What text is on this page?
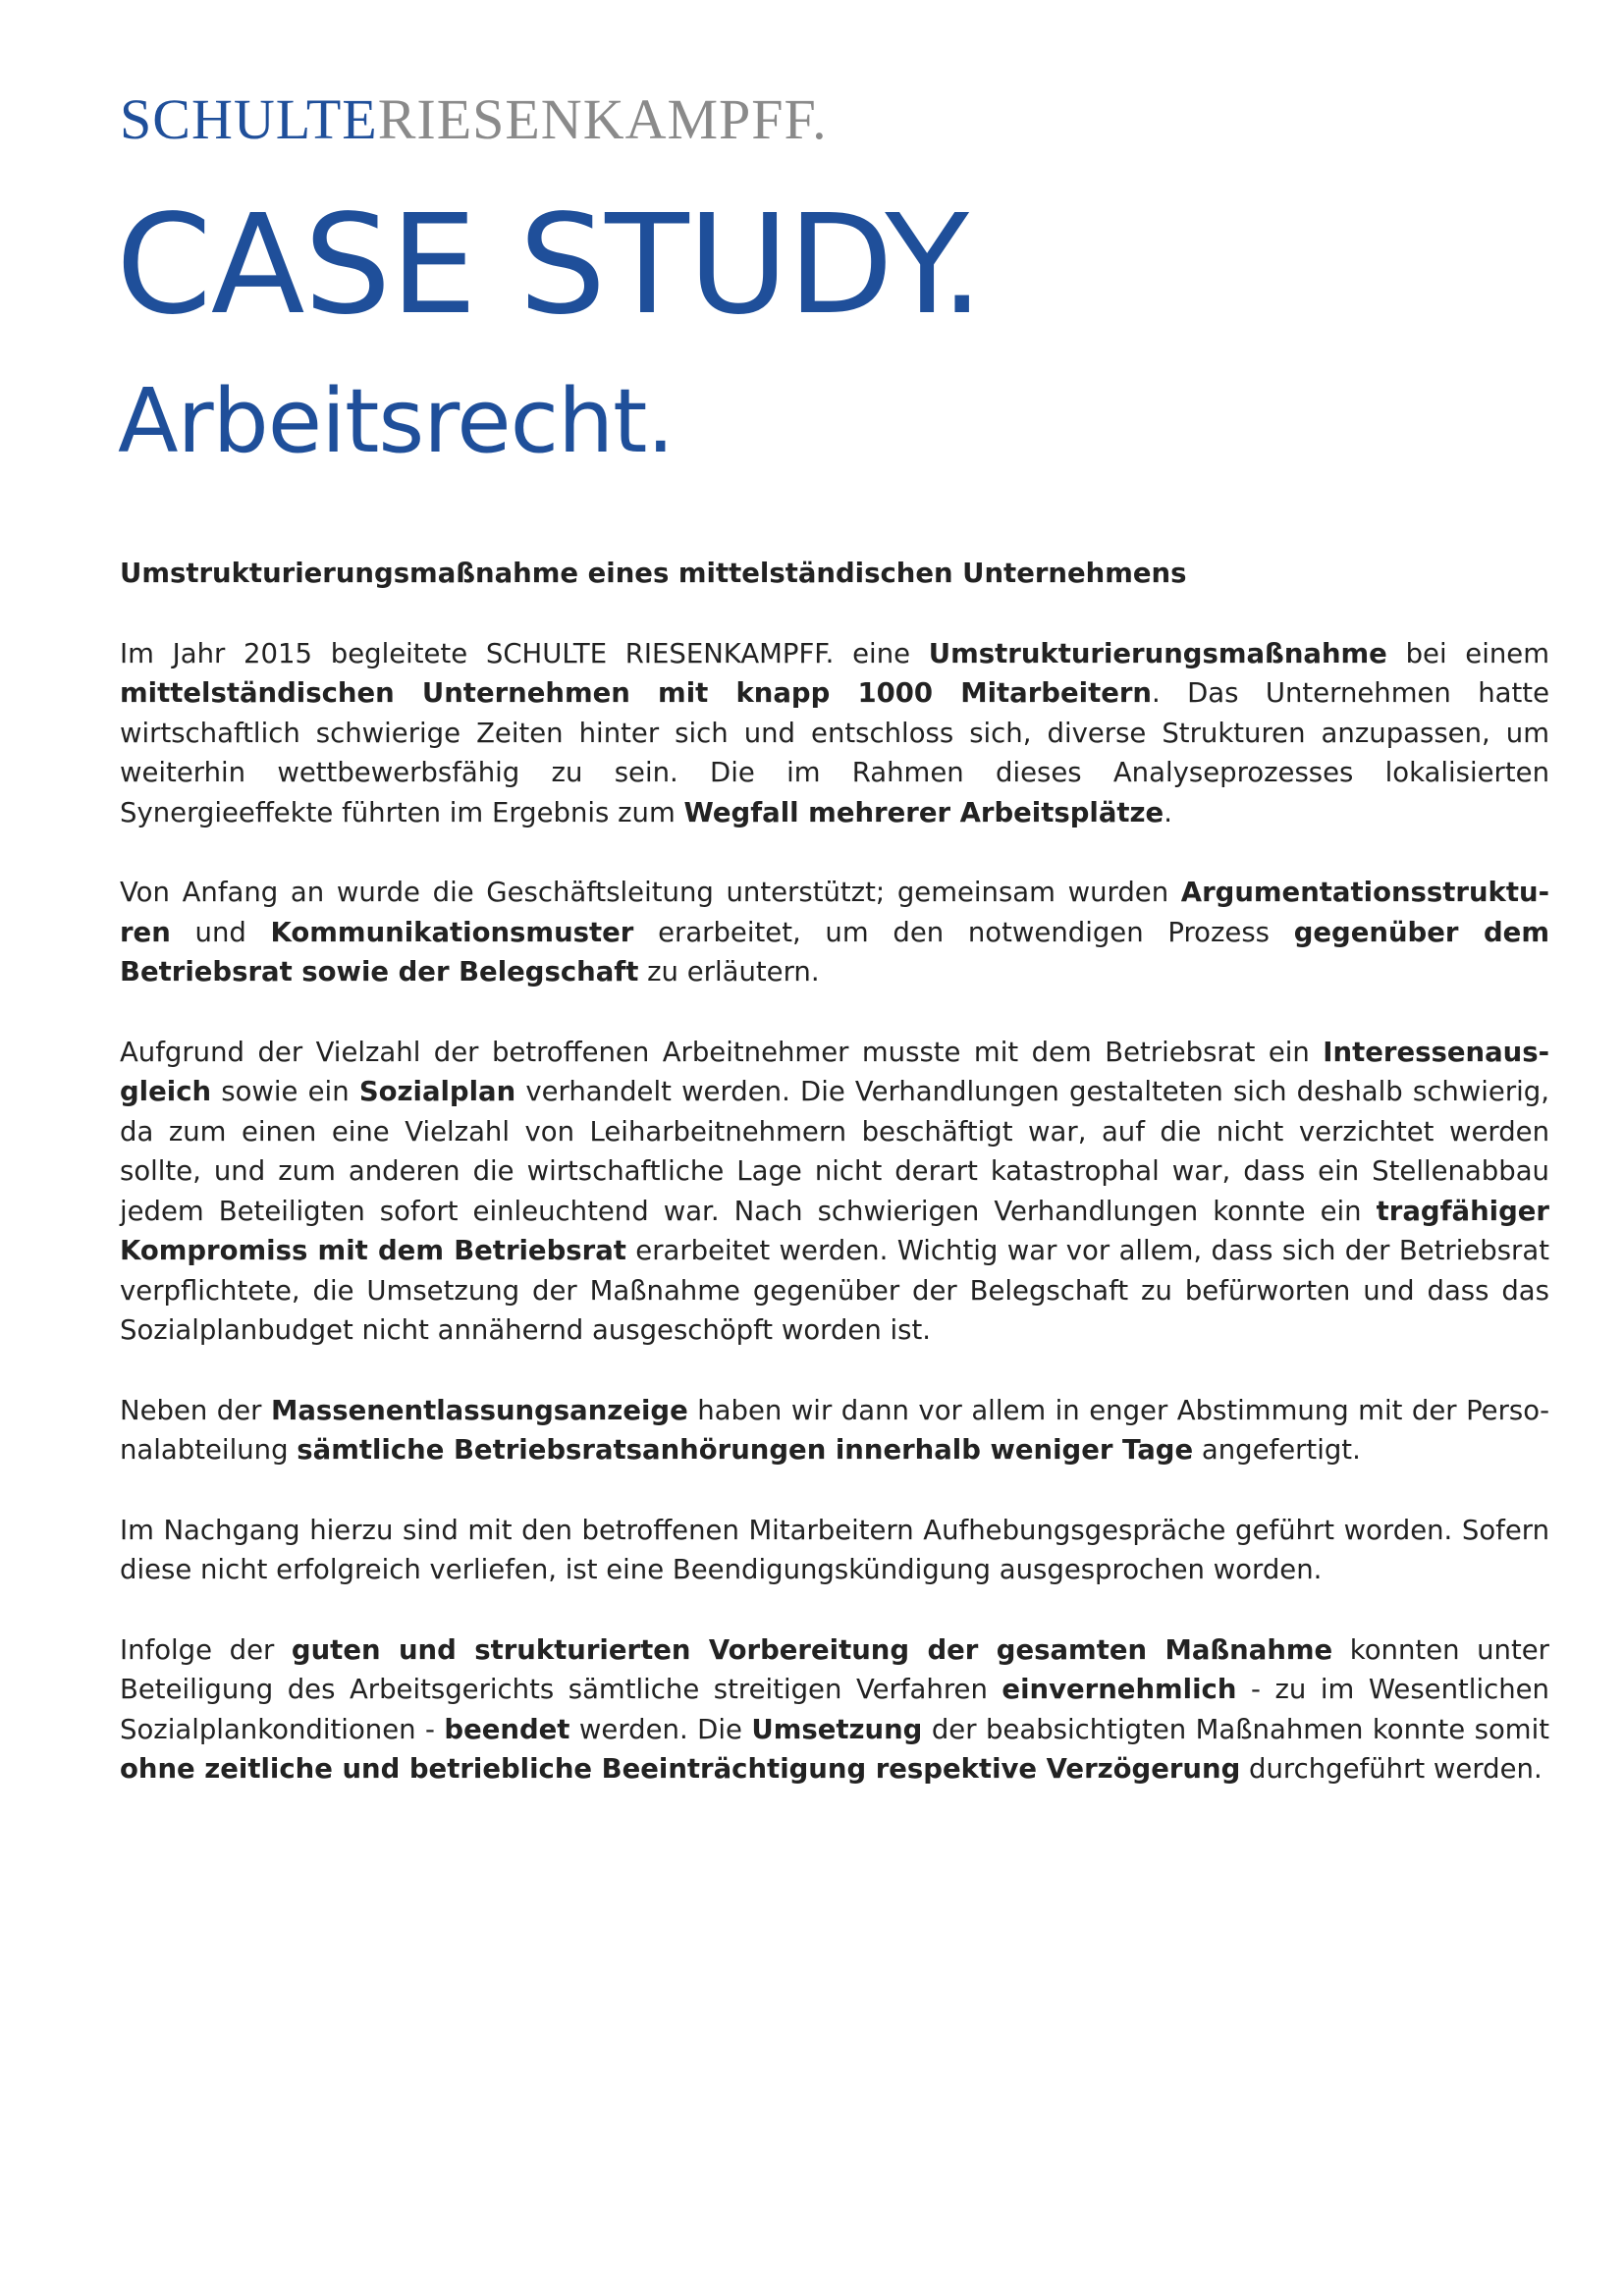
SCHULTERIESENKAMPFF.
CASE STUDY.
Arbeitsrecht.

Umstrukturierungsmaßnahme eines mittelständischen Unternehmens

Im Jahr 2015 begleitete SCHULTE RIESENKAMPFF. eine Umstrukturierungsmaßnahme bei einem mittelständischen Unternehmen mit knapp 1000 Mitarbeitern. Das Unternehmen hatte wirtschaftlich schwierige Zeiten hinter sich und entschloss sich, diverse Strukturen anzupassen, um weiterhin wettbewerbsfähig zu sein. Die im Rahmen dieses Analyseprozesses lokalisierten Synergieeffekte führten im Ergebnis zum Wegfall mehrerer Arbeitsplätze.

Von Anfang an wurde die Geschäftsleitung unterstützt; gemeinsam wurden Argumentationsstrukturen und Kommunikationsmuster erarbeitet, um den notwendigen Prozess gegenüber dem Betriebsrat sowie der Belegschaft zu erläutern.

Aufgrund der Vielzahl der betroffenen Arbeitnehmer musste mit dem Betriebsrat ein Interessenausgleich sowie ein Sozialplan verhandelt werden. Die Verhandlungen gestalteten sich deshalb schwierig, da zum einen eine Vielzahl von Leiharbeitnehmern beschäftigt war, auf die nicht verzichtet werden sollte, und zum anderen die wirtschaftliche Lage nicht derart katastrophal war, dass ein Stellenabbau jedem Beteiligten sofort einleuchtend war. Nach schwierigen Verhandlungen konnte ein tragfähiger Kompromiss mit dem Betriebsrat erarbeitet werden. Wichtig war vor allem, dass sich der Betriebsrat verpflichtete, die Umsetzung der Maßnahme gegenüber der Belegschaft zu befürworten und dass das Sozialplanbudget nicht annähernd ausgeschöpft worden ist.

Neben der Massenentlassungsanzeige haben wir dann vor allem in enger Abstimmung mit der Personalabteilung sämtliche Betriebsratsanhörungen innerhalb weniger Tage angefertigt.

Im Nachgang hierzu sind mit den betroffenen Mitarbeitern Aufhebungsgespräche geführt worden. Sofern diese nicht erfolgreich verliefen, ist eine Beendigungskündigung ausgesprochen worden.

Infolge der guten und strukturierten Vorbereitung der gesamten Maßnahme konnten unter Beteiligung des Arbeitsgerichts sämtliche streitigen Verfahren einvernehmlich - zu im Wesentlichen Sozialplankonditionen - beendet werden. Die Umsetzung der beabsichtigten Maßnahmen konnte somit ohne zeitliche und betriebliche Beeinträchtigung respektive Verzögerung durchgeführt werden.
